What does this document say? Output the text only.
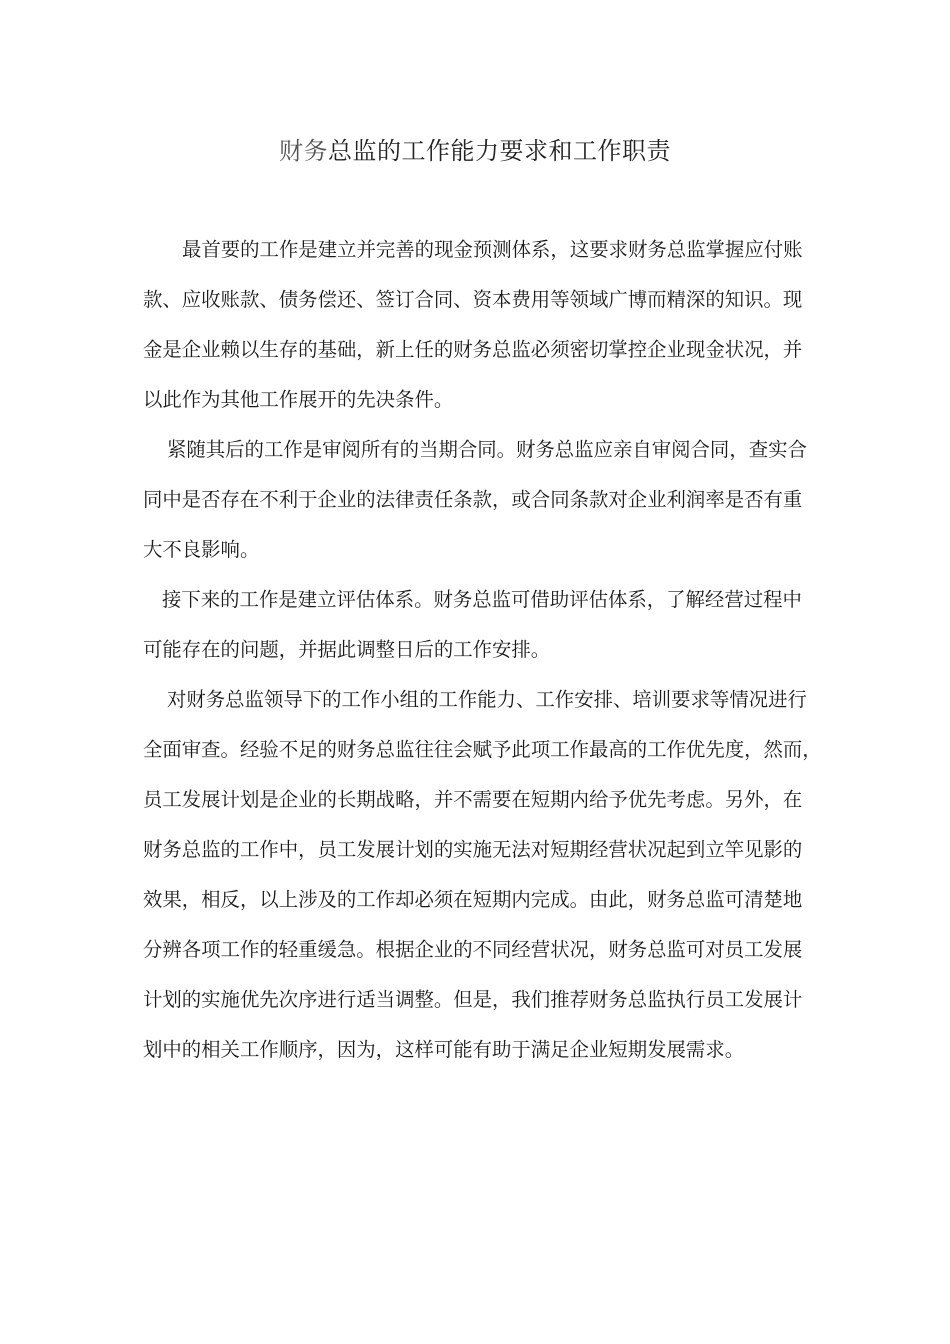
财务总监的工作能力要求和工作职责
最首要的工作是建立并完善的现金预测体系，这要求财务总监掌握应付账
款、应收账款、债务偿还、签订合同、资本费用等领域广博而精深的知识。现
金是企业赖以生存的基础，新上任的财务总监必须密切掌控企业现金状况，并
以此作为其他工作展开的先决条件。
紧随其后的工作是审阅所有的当期合同。财务总监应亲自审阅合同，查实合
同中是否存在不利于企业的法律责任条款，或合同条款对企业利润率是否有重
大不良影响。
接下来的工作是建立评估体系。财务总监可借助评估体系，了解经营过程中
可能存在的问题，并据此调整日后的工作安排。
对财务总监领导下的工作小组的工作能力、工作安排、培训要求等情况进行
全面审查。经验不足的财务总监往往会赋予此项工作最高的工作优先度，然而，
员工发展计划是企业的长期战略，并不需要在短期内给予优先考虑。另外，在
财务总监的工作中，员工发展计划的实施无法对短期经营状况起到立竿见影的
效果，相反，以上涉及的工作却必须在短期内完成。由此，财务总监可清楚地
分辨各项工作的轻重缓急。根据企业的不同经营状况，财务总监可对员工发展
计划的实施优先次序进行适当调整。但是，我们推荐财务总监执行员工发展计
划中的相关工作顺序，因为，这样可能有助于满足企业短期发展需求。
